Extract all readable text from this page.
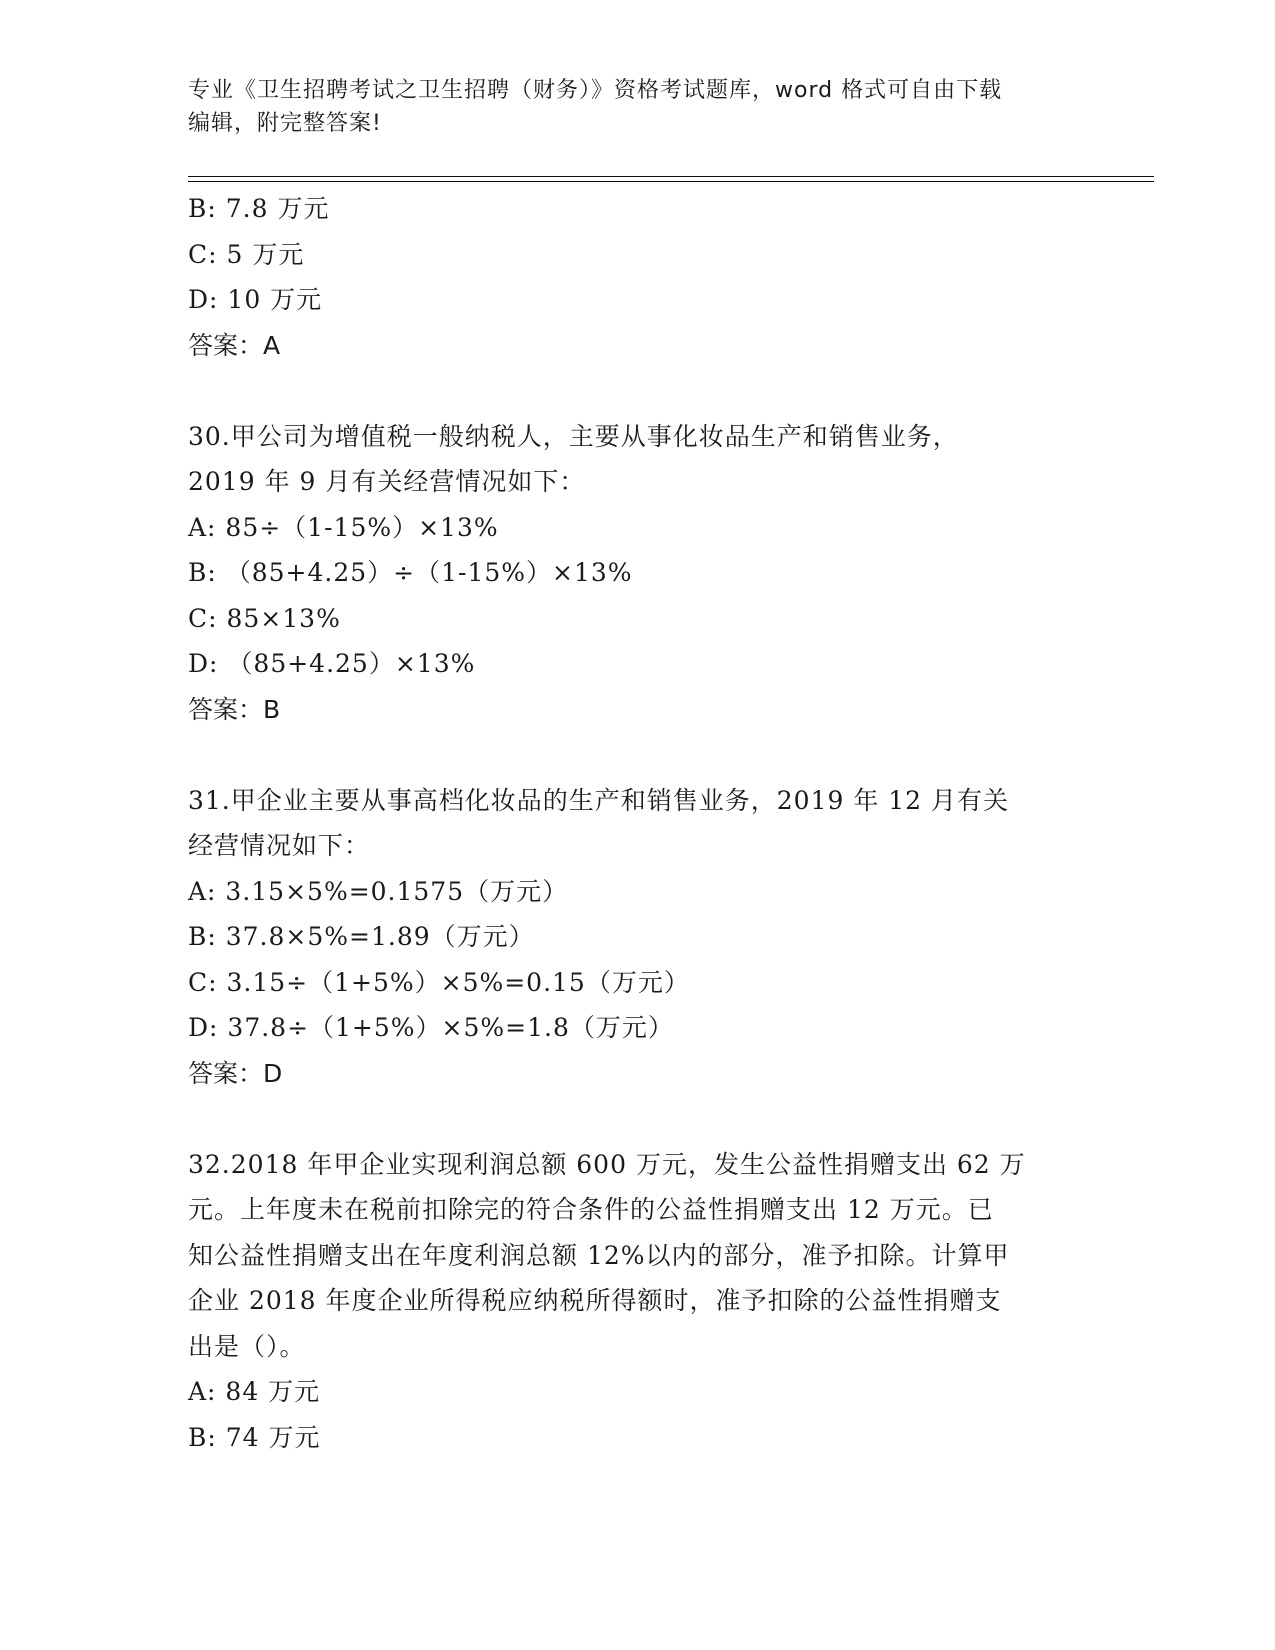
专业《卫生招聘考试之卫生招聘（财务）》资格考试题库，word 格式可自由下载
编辑，附完整答案!
B: 7.8 万元
C: 5 万元
D: 10 万元
答案：A
30.甲公司为增值税一般纳税人，主要从事化妆品生产和销售业务，
2019 年 9 月有关经营情况如下：
A: 85÷（1-15%）×13%
B: （85+4.25）÷（1-15%）×13%
C: 85×13%
D: （85+4.25）×13%
答案：B
31.甲企业主要从事高档化妆品的生产和销售业务，2019 年 12 月有关
经营情况如下：
A: 3.15×5%=0.1575（万元）
B: 37.8×5%=1.89（万元）
C: 3.15÷（1+5%）×5%=0.15（万元）
D: 37.8÷（1+5%）×5%=1.8（万元）
答案：D
32.2018 年甲企业实现利润总额 600 万元，发生公益性捐赠支出 62 万
元。上年度未在税前扣除完的符合条件的公益性捐赠支出 12 万元。已
知公益性捐赠支出在年度利润总额 12%以内的部分，准予扣除。计算甲
企业 2018 年度企业所得税应纳税所得额时，准予扣除的公益性捐赠支
出是（）。
A: 84 万元
B: 74 万元
